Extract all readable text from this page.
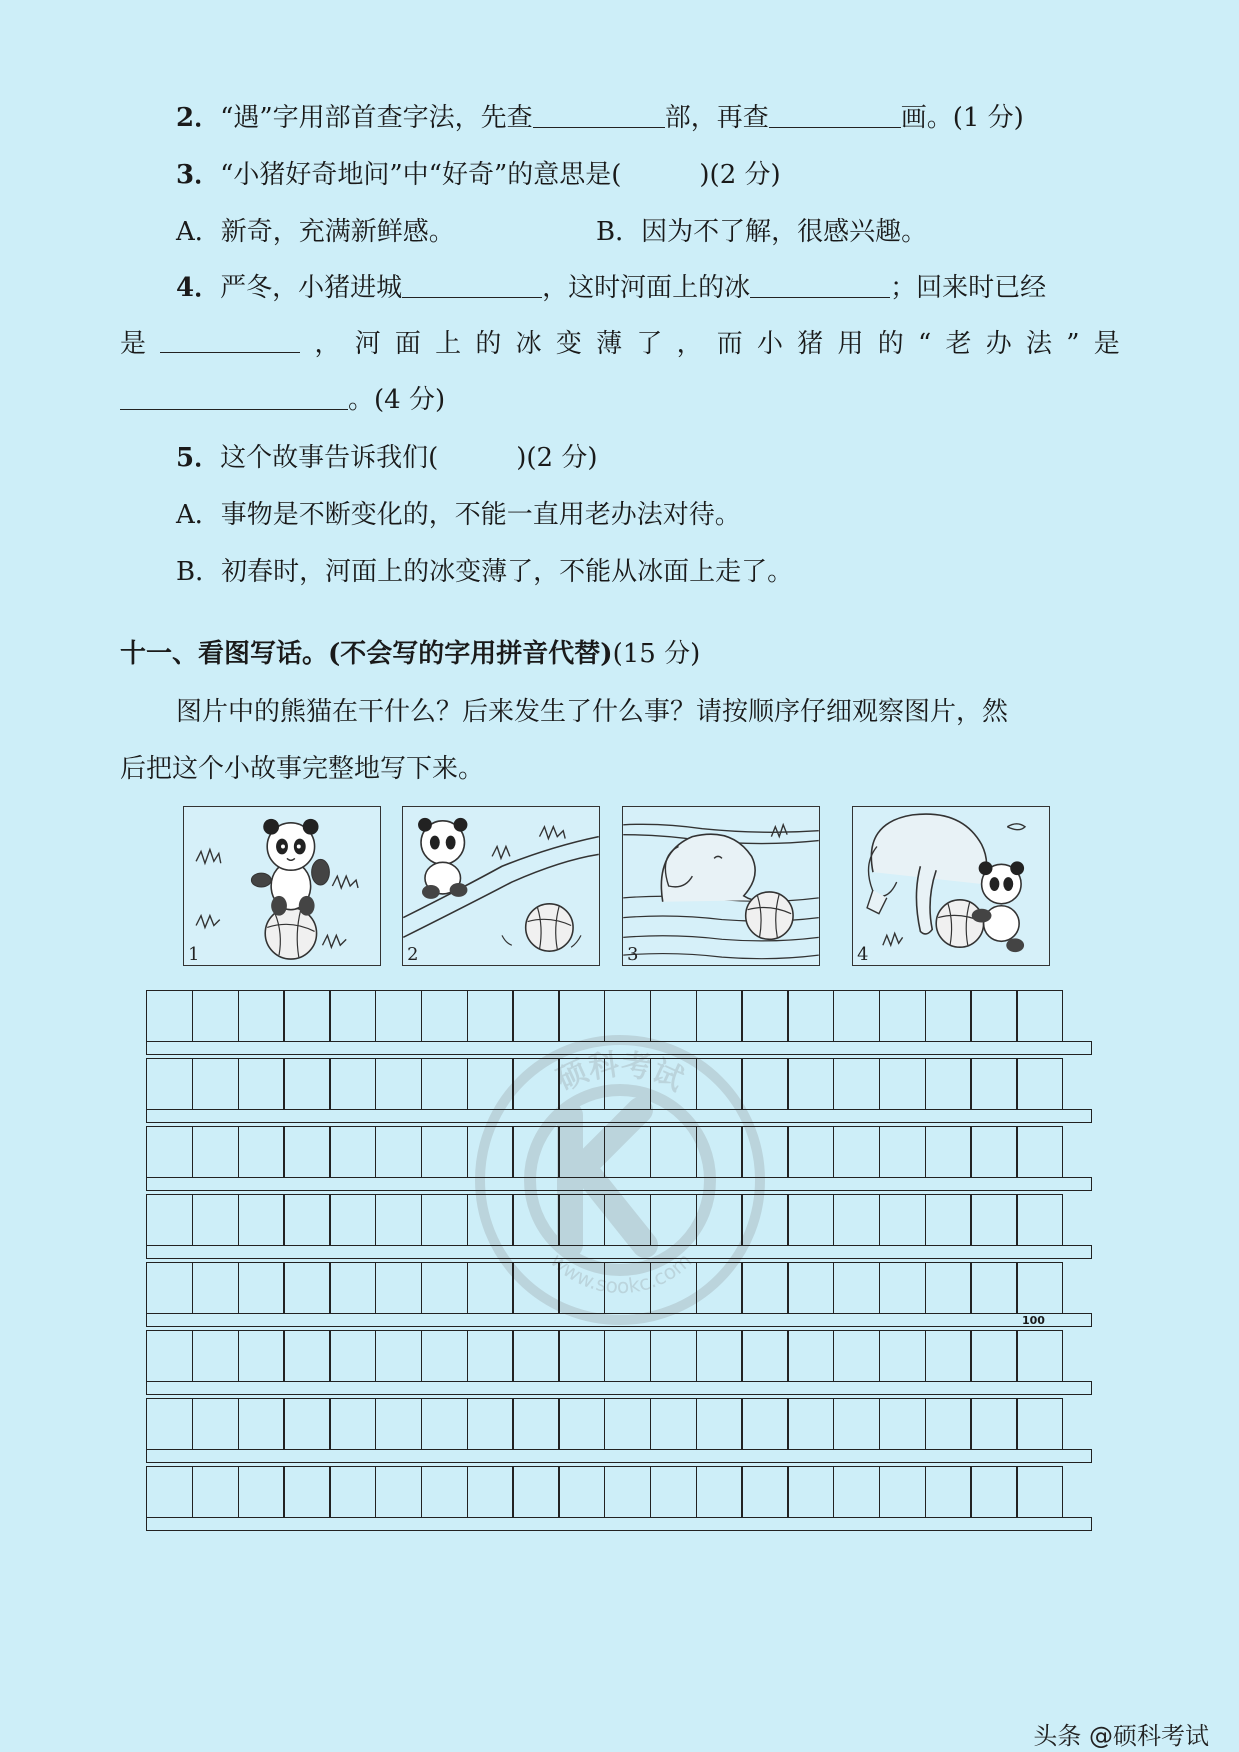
2．“遇”字用部首查字法，先查	部，再查	画。(1 分)
3．“小猪好奇地问”中“好奇”的意思是(　　　)(2 分)
A．新奇，充满新鲜感。	B．因为不了解，很感兴趣。
4．严冬，小猪进城	，这时河面上的冰	；回来时已经
是	， 河 面 上 的 冰 变 薄 了 ， 而 小 猪 用 的 “ 老 办 法 ” 是
。(4 分)
5．这个故事告诉我们(　　　)(2 分)
A．事物是不断变化的，不能一直用老办法对待。
B．初春时，河面上的冰变薄了，不能从冰面上走了。
十一、看图写话。(不会写的字用拼音代替)(15 分)
图片中的熊猫在干什么？后来发生了什么事？请按顺序仔细观察图片，然
后把这个小故事完整地写下来。
1	2	3	4
硕科考试
www.sookc.com
100
头条 @硕科考试
